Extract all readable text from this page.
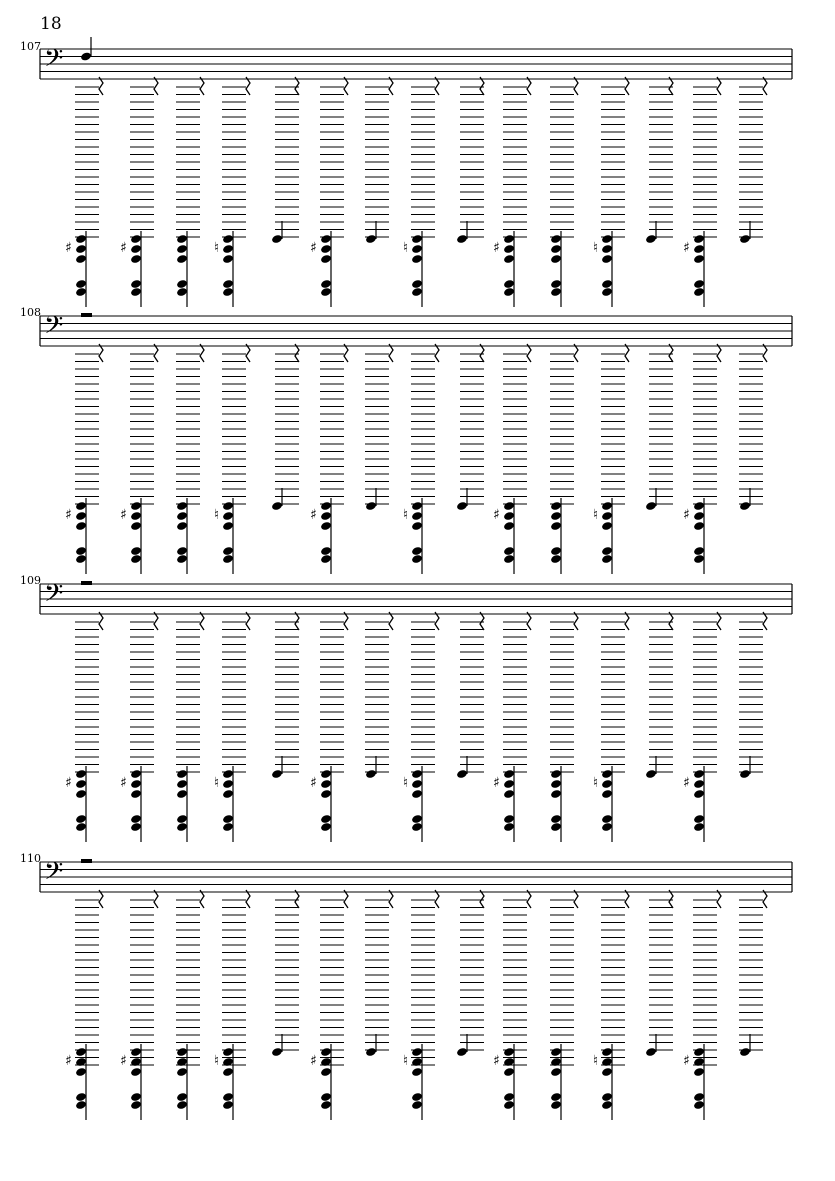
18
107
108
109
110
𝄢
♯	♯	♮	♯	♮	♯	♮	♯
𝄢
♯	♯	♮	♯	♮	♯	♮	♯
𝄢
♯	♯	♮	♯	♮	♯	♮	♯
𝄢
♯	♯	♮	♯	♮	♯	♮	♯
